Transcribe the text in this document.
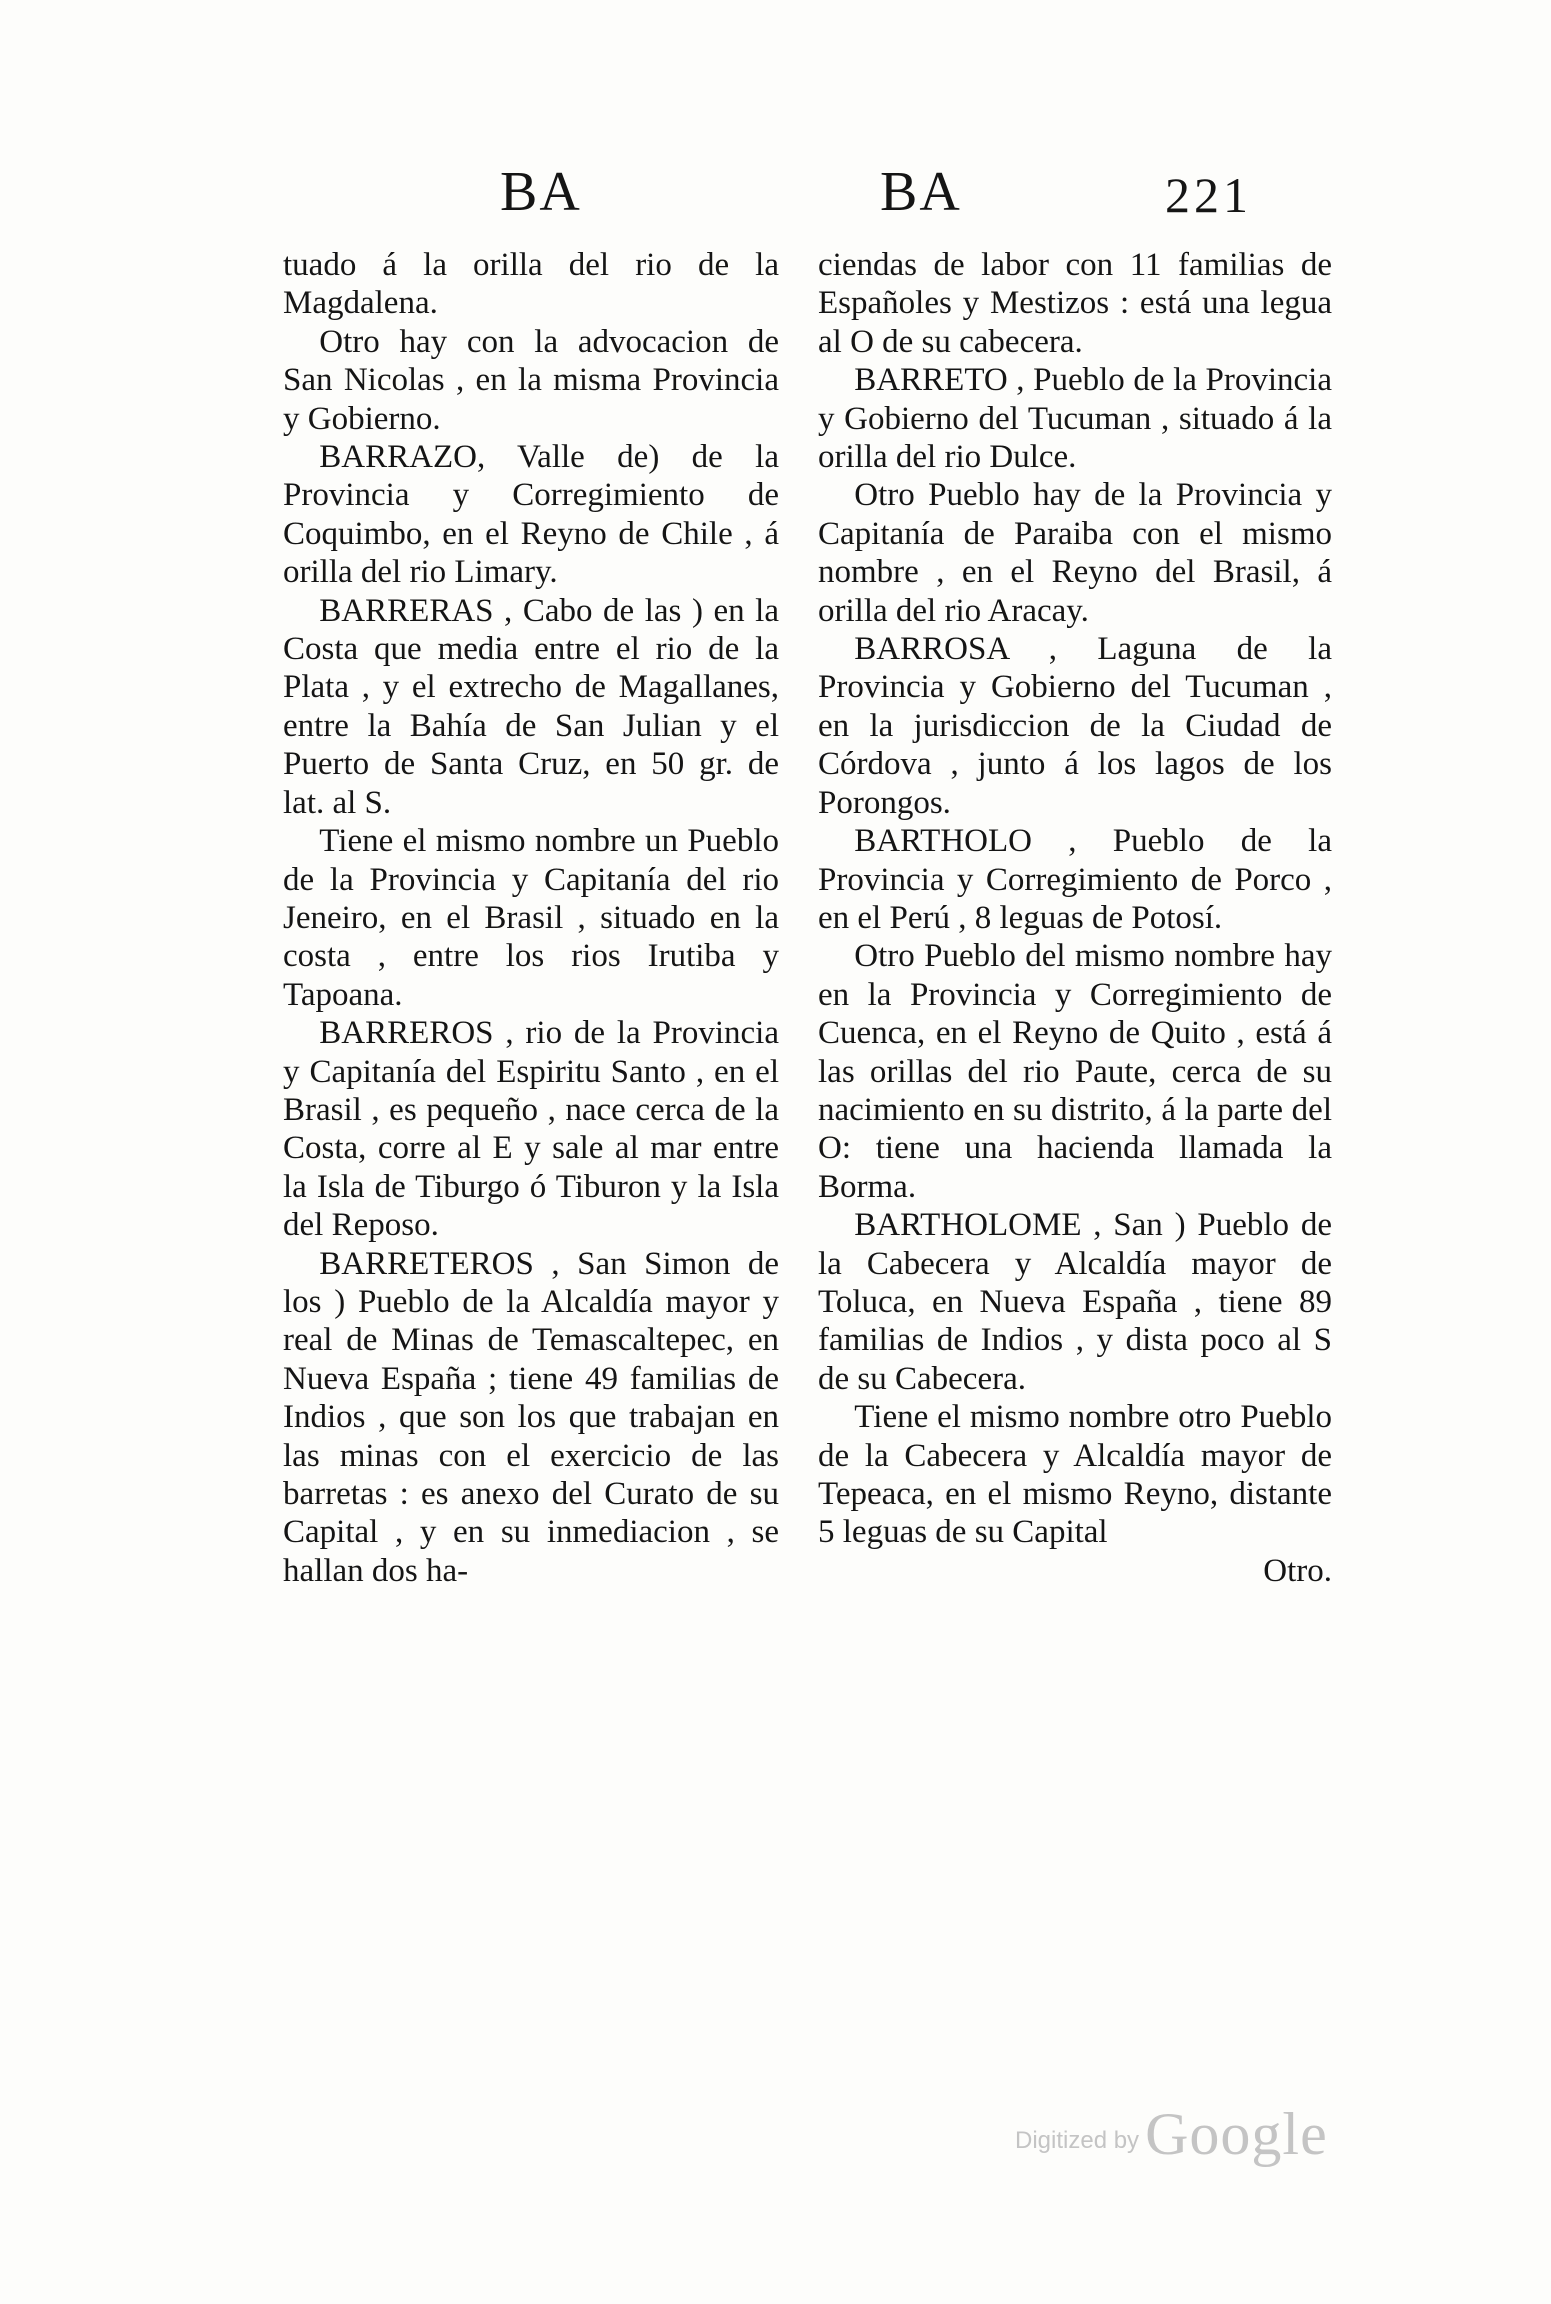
BA	BA	221

tuado á la orilla del rio de la Magdalena.

Otro hay con la advocacion de San Nicolas , en la misma Provincia y Gobierno.

BARRAZO, Valle de) de la Provincia y Corregimiento de Coquimbo, en el Reyno de Chile , á orilla del rio Limary.

BARRERAS , Cabo de las ) en la Costa que media entre el rio de la Plata , y el extrecho de Magallanes, entre la Bahía de San Julian y el Puerto de Santa Cruz, en 50 gr. de lat. al S.

Tiene el mismo nombre un Pueblo de la Provincia y Capitanía del rio Jeneiro, en el Brasil , situado en la costa , entre los rios Irutiba y Tapoana.

BARREROS , rio de la Provincia y Capitanía del Espiritu Santo , en el Brasil , es pequeño , nace cerca de la Costa, corre al E y sale al mar entre la Isla de Tiburgo ó Tiburon y la Isla del Reposo.

BARRETEROS , San Simon de los ) Pueblo de la Alcaldía mayor y real de Minas de Temascaltepec, en Nueva España ; tiene 49 familias de Indios , que son los que trabajan en las minas con el exercicio de las barretas : es anexo del Curato de su Capital , y en su inmediacion , se hallan dos ha-

ciendas de labor con 11 familias de Españoles y Mestizos : está una legua al O de su cabecera.

BARRETO , Pueblo de la Provincia y Gobierno del Tucuman , situado á la orilla del rio Dulce.

Otro Pueblo hay de la Provincia y Capitanía de Paraiba con el mismo nombre , en el Reyno del Brasil, á orilla del rio Aracay.

BARROSA , Laguna de la Provincia y Gobierno del Tucuman , en la jurisdiccion de la Ciudad de Córdova , junto á los lagos de los Porongos.

BARTHOLO , Pueblo de la Provincia y Corregimiento de Porco , en el Perú , 8 leguas de Potosí.

Otro Pueblo del mismo nombre hay en la Provincia y Corregimiento de Cuenca, en el Reyno de Quito , está á las orillas del rio Paute, cerca de su nacimiento en su distrito, á la parte del O: tiene una hacienda llamada la Borma.

BARTHOLOME , San ) Pueblo de la Cabecera y Alcaldía mayor de Toluca, en Nueva España , tiene 89 familias de Indios , y dista poco al S de su Cabecera.

Tiene el mismo nombre otro Pueblo de la Cabecera y Alcaldía mayor de Tepeaca, en el mismo Reyno, distante 5 leguas de su Capital

Otro.

Digitized by Google
